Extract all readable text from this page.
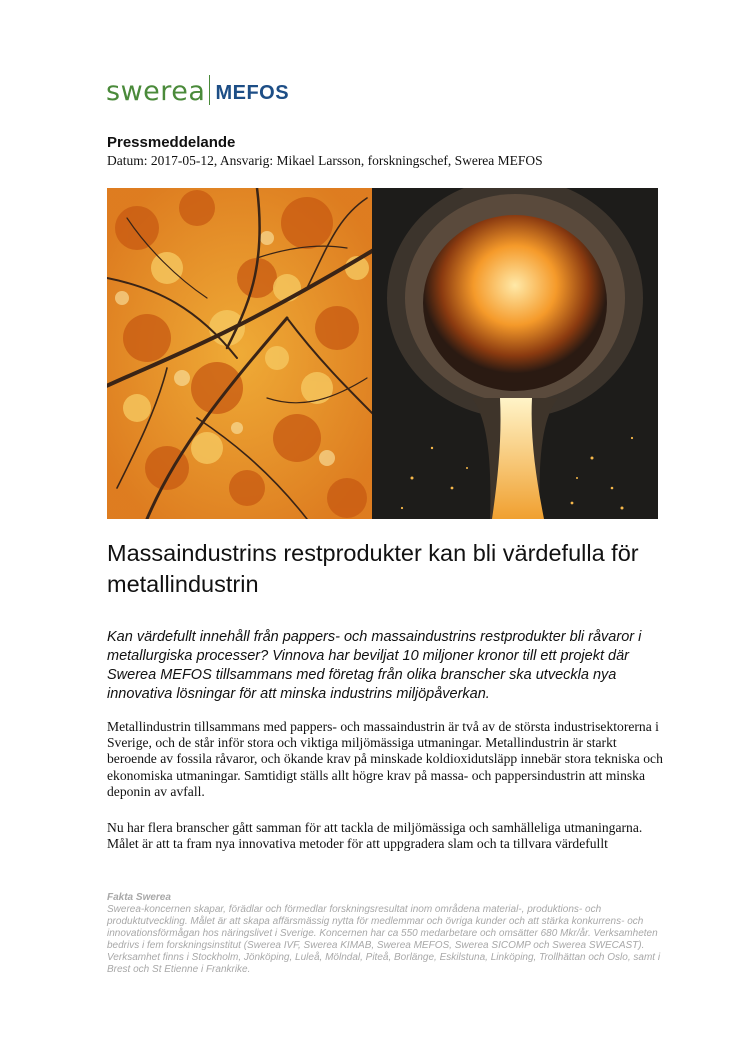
swerea MEFOS
Pressmeddelande
Datum: 2017-05-12, Ansvarig: Mikael Larsson, forskningschef, Swerea MEFOS
Massaindustrins restprodukter kan bli värdefulla för metallindustrin

Kan värdefullt innehåll från pappers- och massaindustrins restprodukter bli råvaror i metallurgiska processer? Vinnova har beviljat 10 miljoner kronor till ett projekt där Swerea MEFOS tillsammans med företag från olika branscher ska utveckla nya innovativa lösningar för att minska industrins miljöpåverkan.

Metallindustrin tillsammans med pappers- och massaindustrin är två av de största industrisektorerna i Sverige, och de står inför stora och viktiga miljömässiga utmaningar. Metallindustrin är starkt beroende av fossila råvaror, och ökande krav på minskade koldioxidutsläpp innebär stora tekniska och ekonomiska utmaningar. Samtidigt ställs allt högre krav på massa- och pappersindustrin att minska deponin av avfall.

Nu har flera branscher gått samman för att tackla de miljömässiga och samhälleliga utmaningarna. Målet är att ta fram nya innovativa metoder för att uppgradera slam och ta tillvara värdefullt

Fakta Swerea

Swerea-koncernen skapar, förädlar och förmedlar forskningsresultat inom områdena material-, produktions- och produktutveckling. Målet är att skapa affärsmässig nytta för medlemmar och övriga kunder och att stärka konkurrens- och innovationsförmågan hos näringslivet i Sverige. Koncernen har ca 550 medarbetare och omsätter 680 Mkr/år. Verksamheten bedrivs i fem forskningsinstitut (Swerea IVF, Swerea KIMAB, Swerea MEFOS, Swerea SICOMP och Swerea SWECAST). Verksamhet finns i Stockholm, Jönköping, Luleå, Mölndal, Piteå, Borlänge, Eskilstuna, Linköping, Trollhättan och Oslo, samt i Brest och St Etienne i Frankrike.
